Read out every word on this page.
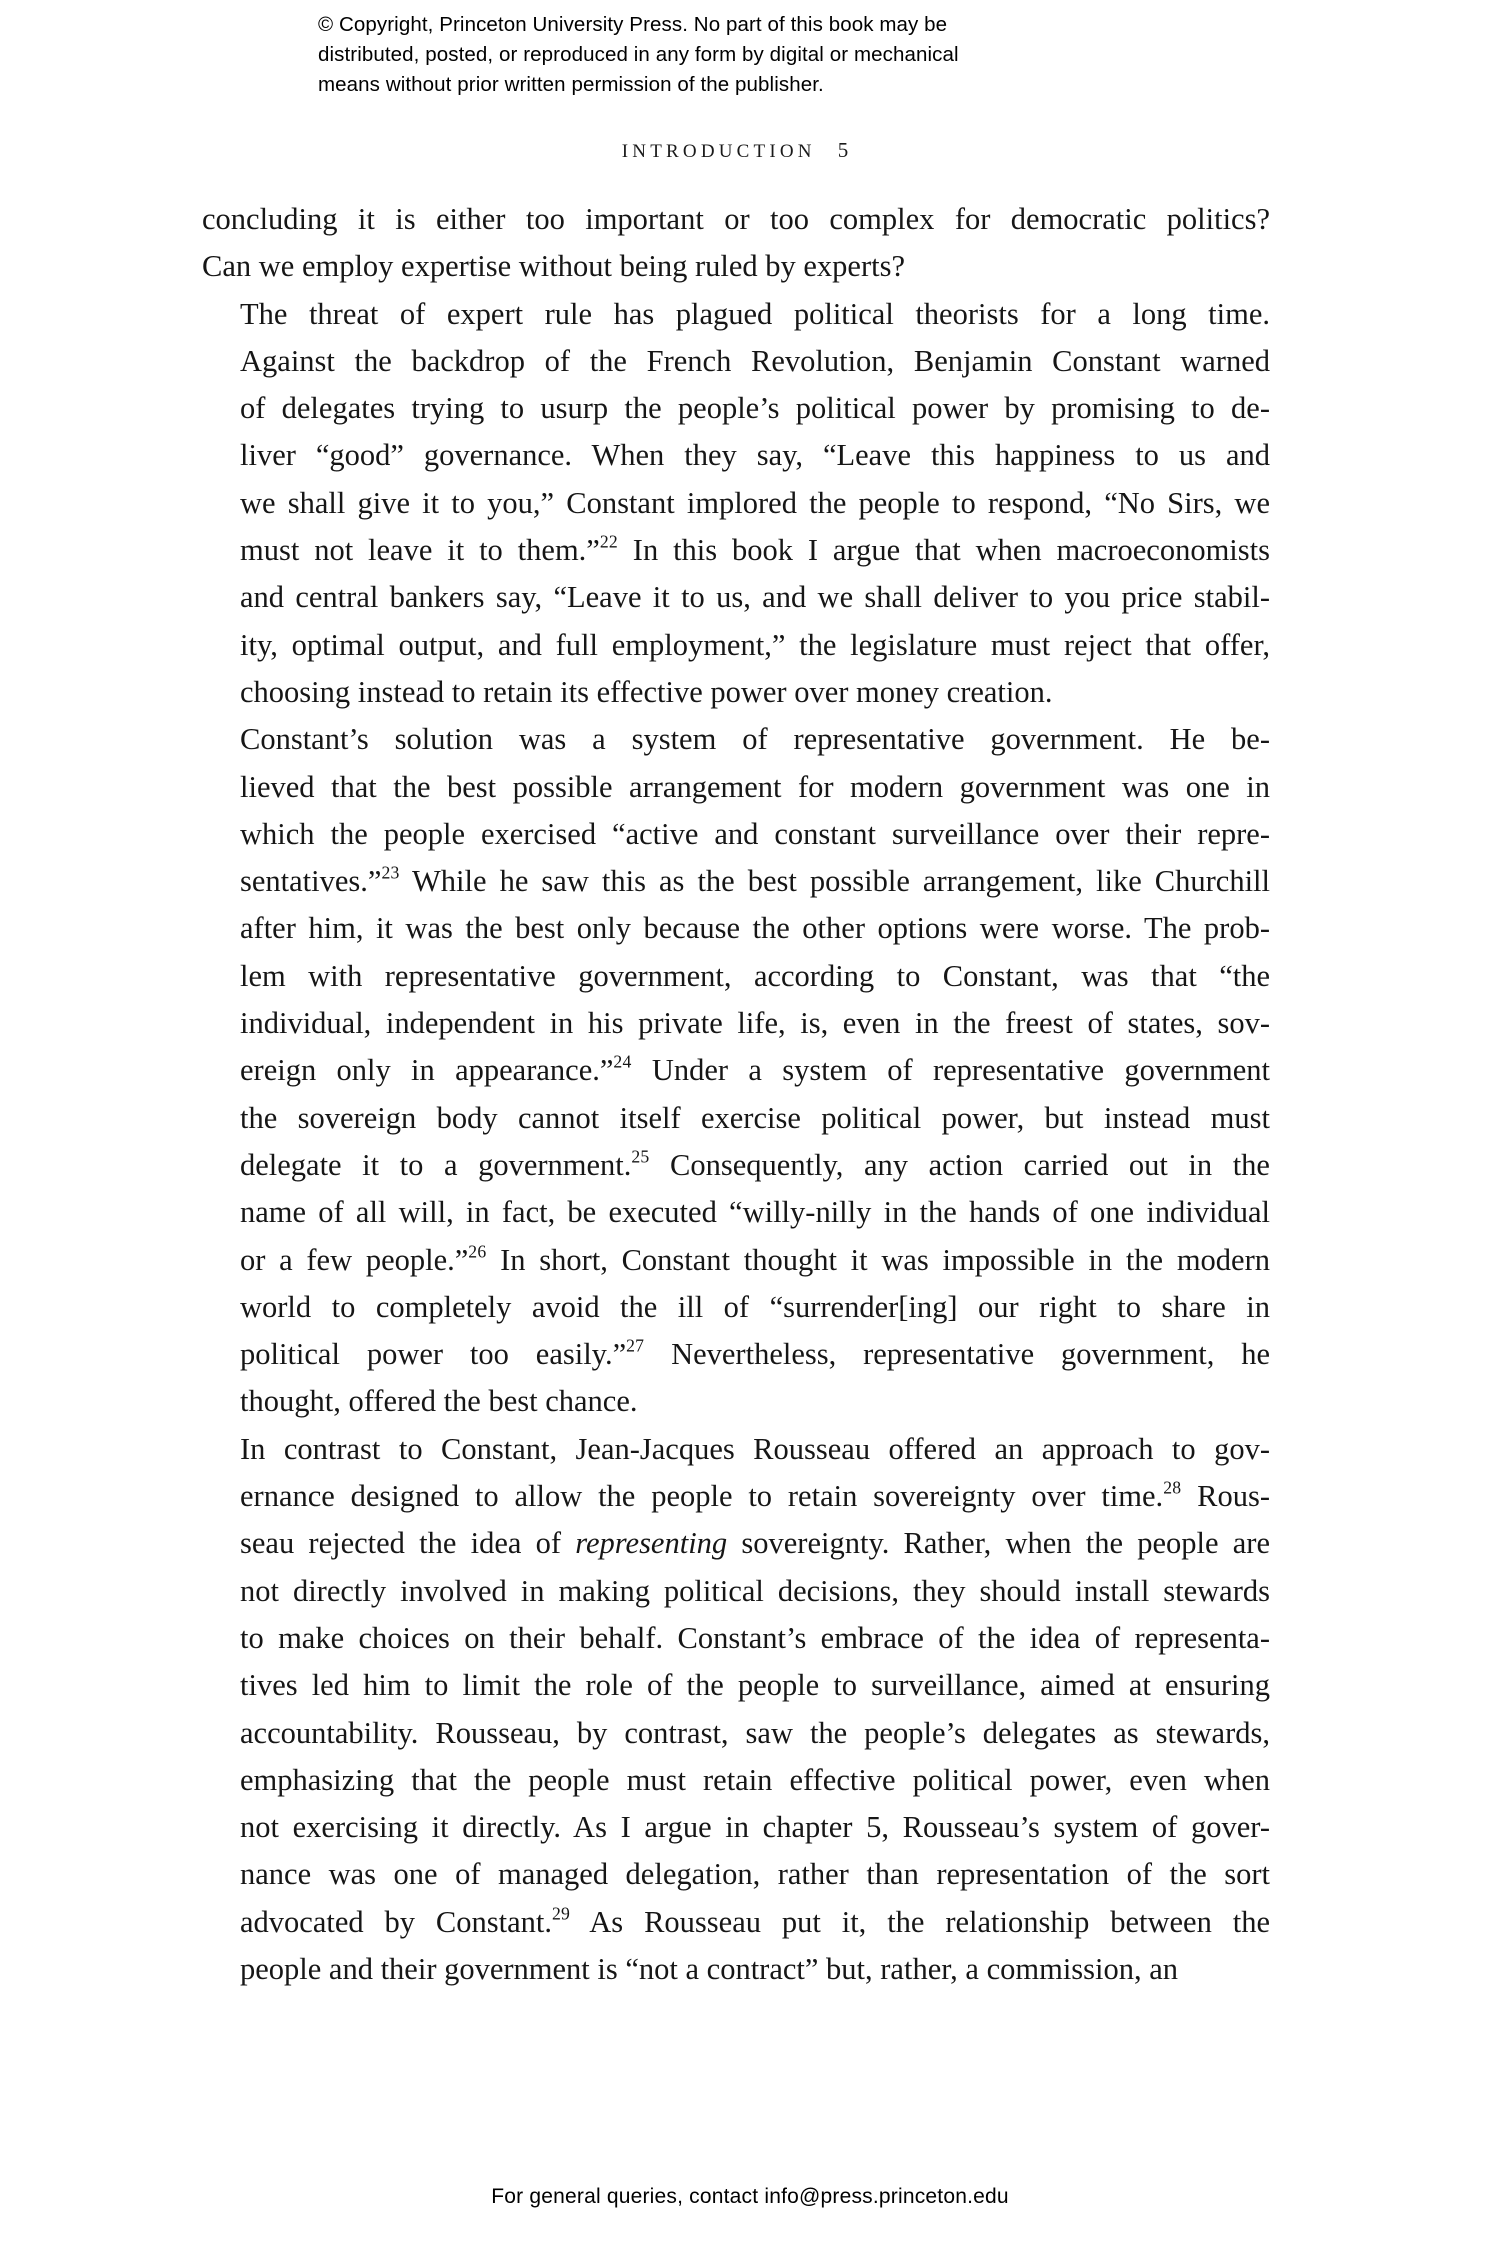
© Copyright, Princeton University Press. No part of this book may be
distributed, posted, or reproduced in any form by digital or mechanical
means without prior written permission of the publisher.
INTRODUCTION 5

concluding it is either too important or too complex for democratic politics?
Can we employ expertise without being ruled by experts?

The threat of expert rule has plagued political theorists for a long time.
Against the backdrop of the French Revolution, Benjamin Constant warned
of delegates trying to usurp the people’s political power by promising to de-
liver “good” governance. When they say, “Leave this happiness to us and
we shall give it to you,” Constant implored the people to respond, “No Sirs, we
must not leave it to them.”$^{22}$ In this book I argue that when macroeconomists
and central bankers say, “Leave it to us, and we shall deliver to you price stabil-
ity, optimal output, and full employment,” the legislature must reject that offer,
choosing instead to retain its effective power over money creation.

Constant’s solution was a system of representative government. He be-
lieved that the best possible arrangement for modern government was one in
which the people exercised “active and constant surveillance over their repre-
sentatives.”$^{23}$ While he saw this as the best possible arrangement, like Churchill
after him, it was the best only because the other options were worse. The prob-
lem with representative government, according to Constant, was that “the
individual, independent in his private life, is, even in the freest of states, sov-
ereign only in appearance.”$^{24}$ Under a system of representative government
the sovereign body cannot itself exercise political power, but instead must
delegate it to a government.$^{25}$ Consequently, any action carried out in the
name of all will, in fact, be executed “willy-nilly in the hands of one individual
or a few people.”$^{26}$ In short, Constant thought it was impossible in the modern
world to completely avoid the ill of “surrender[ing] our right to share in
political power too easily.”$^{27}$ Nevertheless, representative government, he
thought, offered the best chance.

In contrast to Constant, Jean-Jacques Rousseau offered an approach to gov-
ernance designed to allow the people to retain sovereignty over time.$^{28}$ Rous-
seau rejected the idea of representing sovereignty. Rather, when the people are
not directly involved in making political decisions, they should install stewards
to make choices on their behalf. Constant’s embrace of the idea of representa-
tives led him to limit the role of the people to surveillance, aimed at ensuring
accountability. Rousseau, by contrast, saw the people’s delegates as stewards,
emphasizing that the people must retain effective political power, even when
not exercising it directly. As I argue in chapter 5, Rousseau’s system of gover-
nance was one of managed delegation, rather than representation of the sort
advocated by Constant.$^{29}$ As Rousseau put it, the relationship between the
people and their government is “not a contract” but, rather, a commission, an

For general queries, contact info@press.princeton.edu
